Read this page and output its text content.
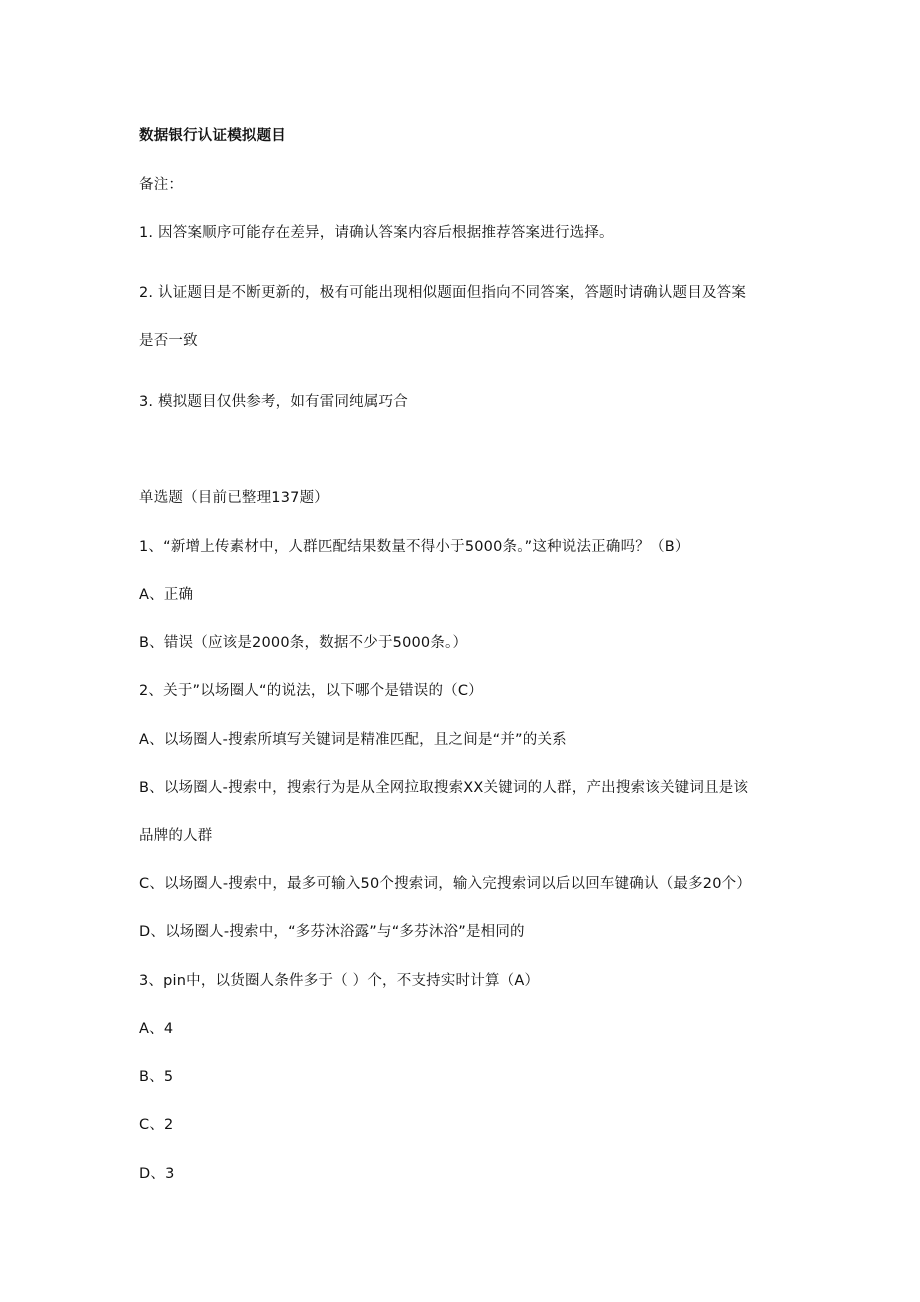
数据银行认证模拟题目
备注：
1. 因答案顺序可能存在差异，请确认答案内容后根据推荐答案进行选择。
2. 认证题目是不断更新的，极有可能出现相似题面但指向不同答案，答题时请确认题目及答案
是否一致
3. 模拟题目仅供参考，如有雷同纯属巧合
单选题（目前已整理137题）
1、“新增上传素材中，人群匹配结果数量不得小于5000条。”这种说法正确吗？（B）
A、正确
B、错误（应该是2000条，数据不少于5000条。）
2、关于”以场圈人“的说法，以下哪个是错误的（C）
A、以场圈人-搜索所填写关键词是精准匹配，且之间是“并”的关系
B、以场圈人-搜索中，搜索行为是从全网拉取搜索XX关键词的人群，产出搜索该关键词且是该
品牌的人群
C、以场圈人-搜索中，最多可输入50个搜索词，输入完搜索词以后以回车键确认（最多20个）
D、以场圈人-搜索中，“多芬沐浴露”与“多芬沐浴”是相同的
3、pin中，以货圈人条件多于（ ）个，不支持实时计算（A）
A、4
B、5
C、2
D、3
